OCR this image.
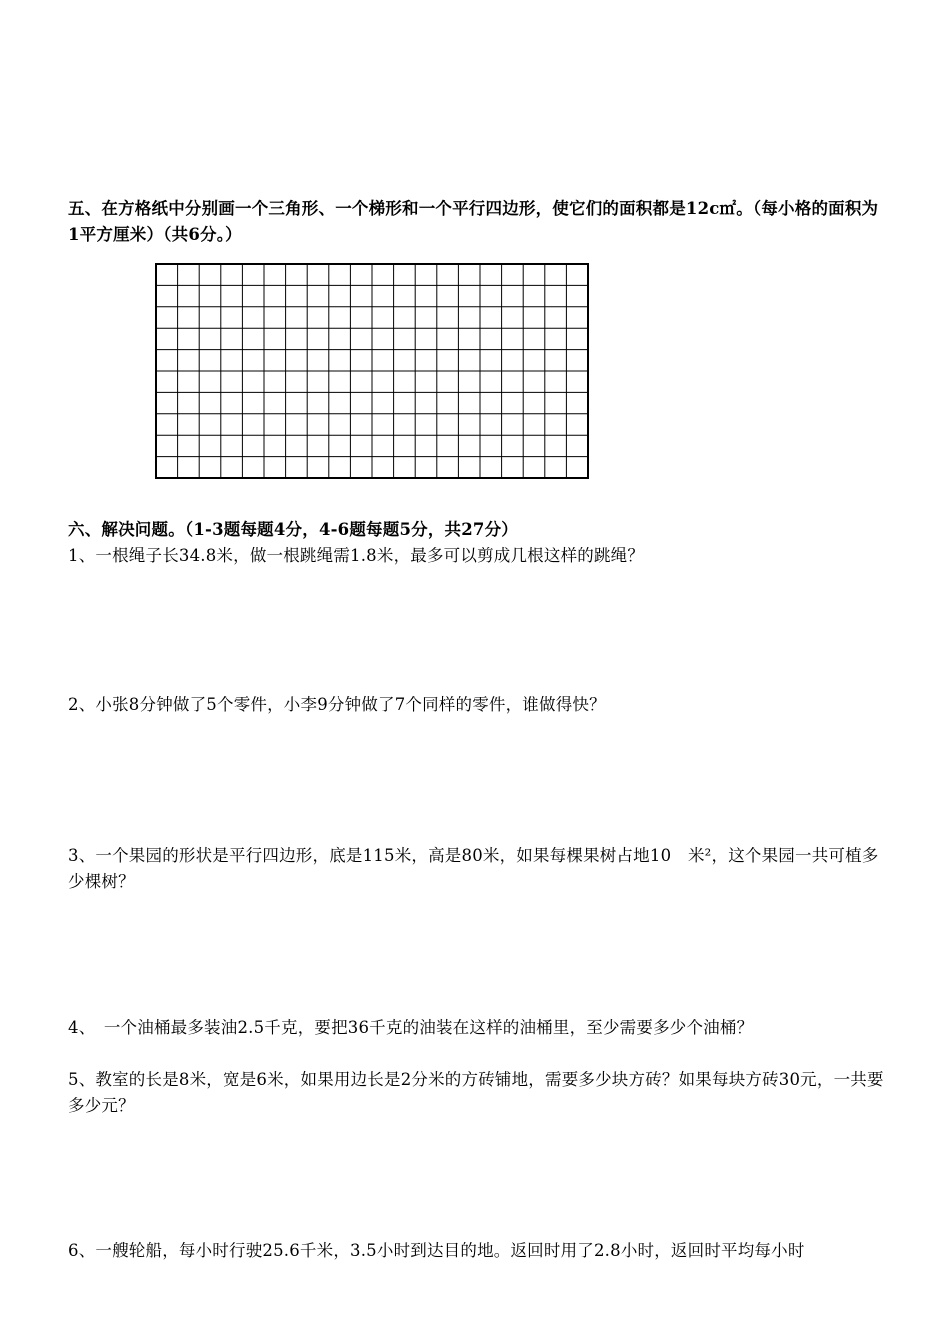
五、在方格纸中分别画一个三角形、一个梯形和一个平行四边形，使它们的面积都是12c㎡。（每小格的面积为1平方厘米）（共6分。）
六、解决问题。（1-3题每题4分，4-6题每题5分，共27分）
1、一根绳子长34.8米，做一根跳绳需1.8米，最多可以剪成几根这样的跳绳？
2、小张8分钟做了5个零件，小李9分钟做了7个同样的零件，谁做得快？
3、一个果园的形状是平行四边形，底是115米，高是80米，如果每棵果树占地10　米²，这个果园一共可植多少棵树？
4、　一个油桶最多装油2.5千克，要把36千克的油装在这样的油桶里，至少需要多少个油桶？
5、教室的长是8米，宽是6米，如果用边长是2分米的方砖铺地，需要多少块方砖？如果每块方砖30元，一共要多少元？
6、一艘轮船，每小时行驶25.6千米，3.5小时到达目的地。返回时用了2.8小时，返回时平均每小时
